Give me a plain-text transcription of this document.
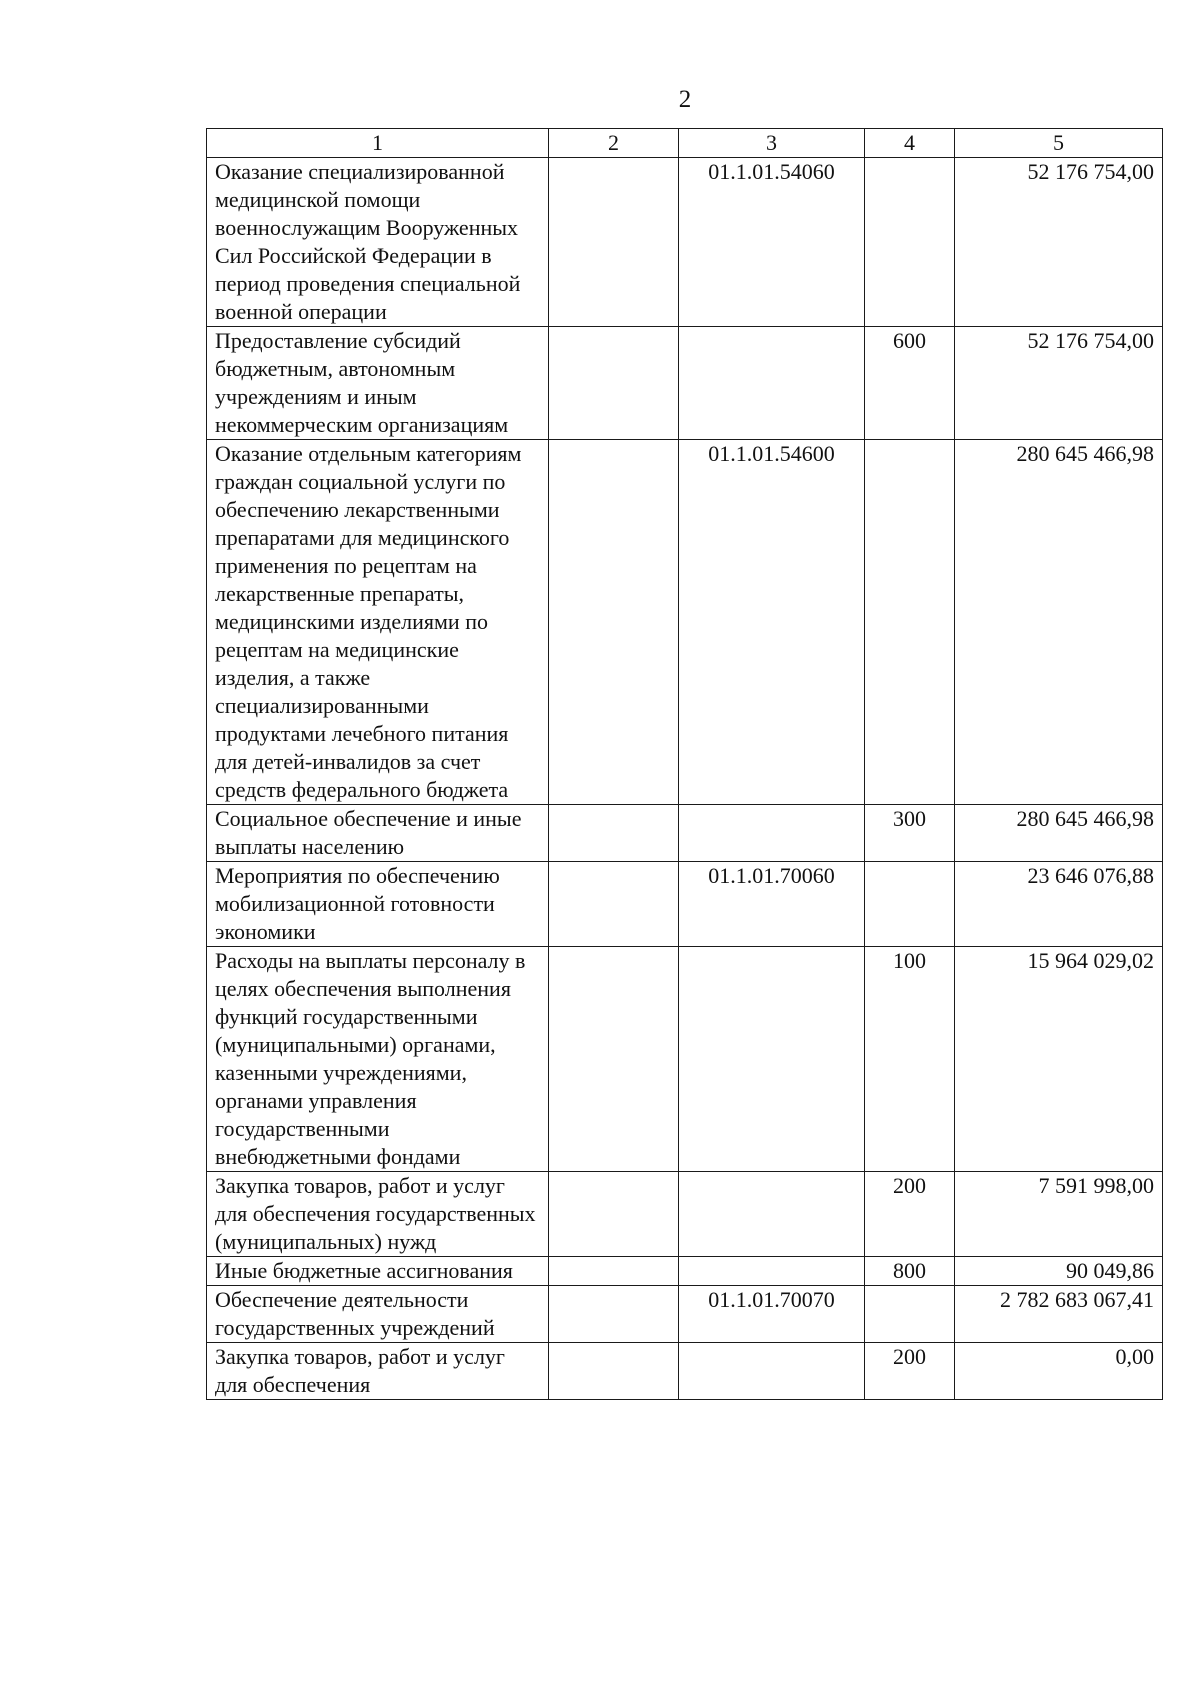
2
1	2	3	4	5
Оказание специализированной медицинской помощи военнослужащим Вооруженных Сил Российской Федерации в период проведения специальной военной операции		01.1.01.54060		52 176 754,00
Предоставление субсидий бюджетным, автономным учреждениям и иным некоммерческим организациям			600	52 176 754,00
Оказание отдельным категориям граждан социальной услуги по обеспечению лекарственными препаратами для медицинского применения по рецептам на лекарственные препараты, медицинскими изделиями по рецептам на медицинские изделия, а также специализированными продуктами лечебного питания для детей-инвалидов за счет средств федерального бюджета		01.1.01.54600		280 645 466,98
Социальное обеспечение и иные выплаты населению			300	280 645 466,98
Мероприятия по обеспечению мобилизационной готовности экономики		01.1.01.70060		23 646 076,88
Расходы на выплаты персоналу в целях обеспечения выполнения функций государственными (муниципальными) органами, казенными учреждениями, органами управления государственными внебюджетными фондами			100	15 964 029,02
Закупка товаров, работ и услуг для обеспечения государственных (муниципальных) нужд			200	7 591 998,00
Иные бюджетные ассигнования			800	90 049,86
Обеспечение деятельности государственных учреждений		01.1.01.70070		2 782 683 067,41
Закупка товаров, работ и услуг для обеспечения			200	0,00
